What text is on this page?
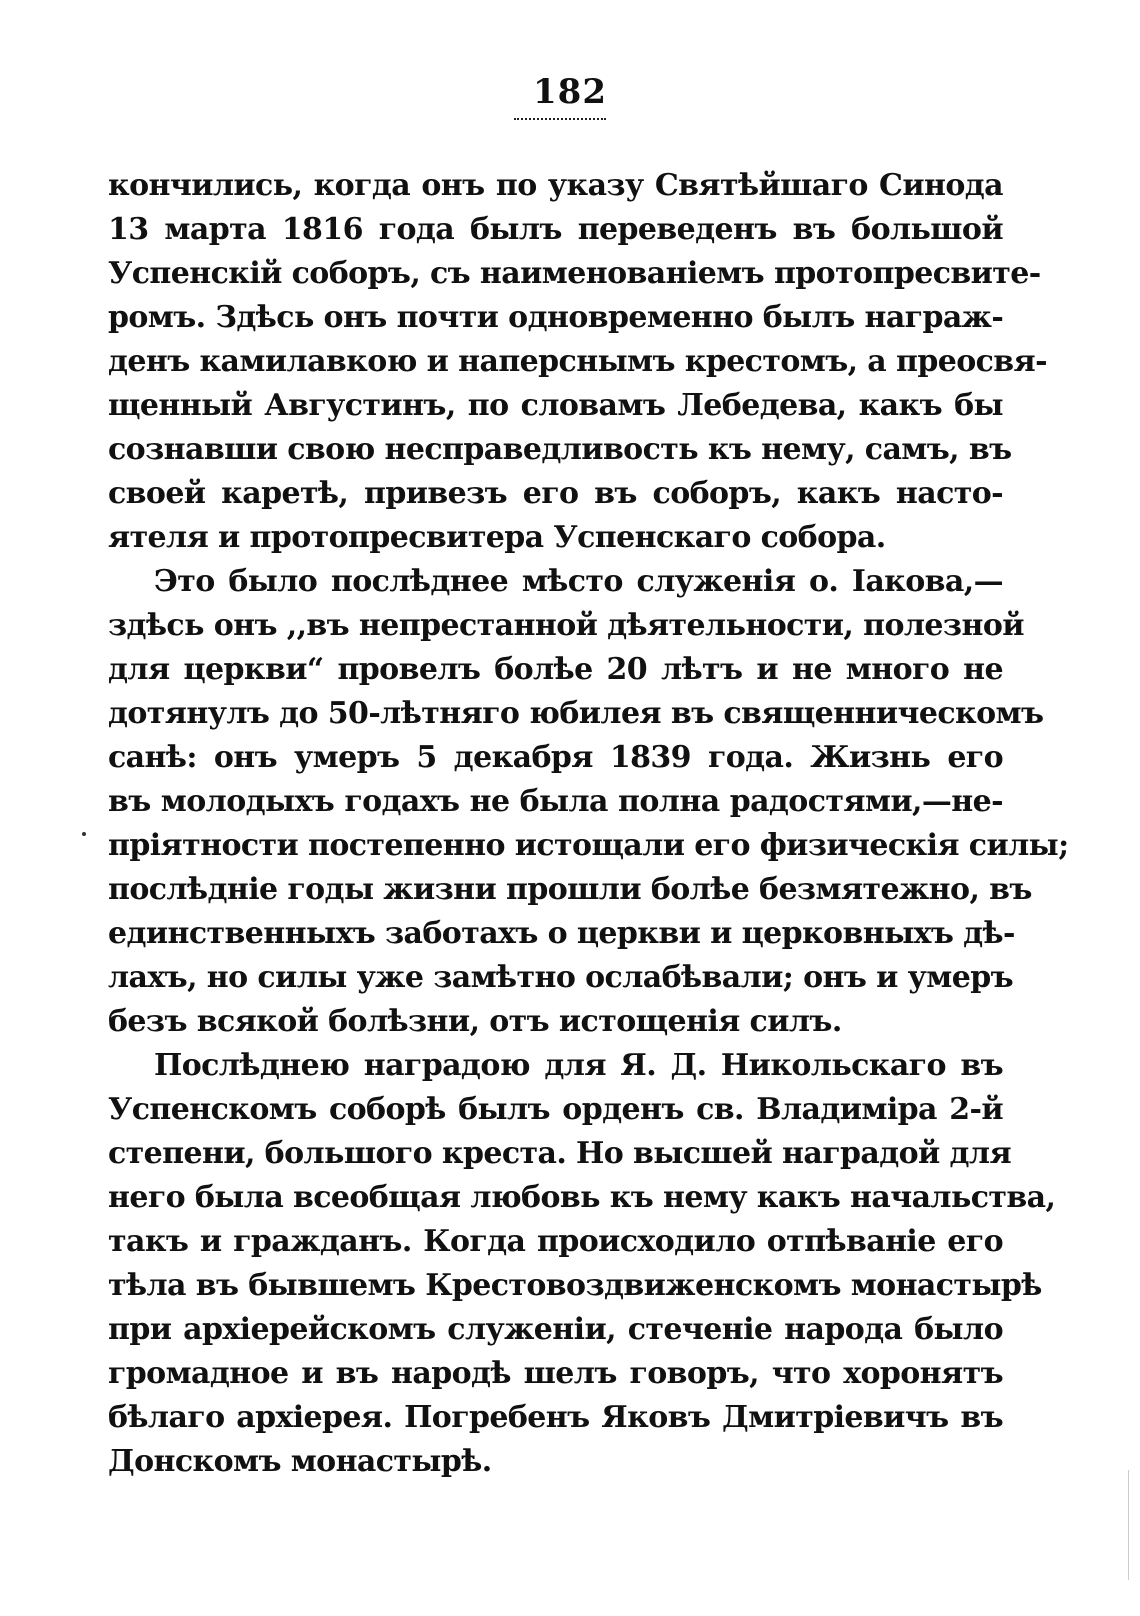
182
кончились, когда онъ по указу Святѣйшаго Синода
13 марта 1816 года былъ переведенъ въ большой
Успенскій соборъ, съ наименованіемъ протопресвите-
ромъ. Здѣсь онъ почти одновременно былъ награж-
денъ камилавкою и наперснымъ крестомъ, а преосвя-
щенный Августинъ, по словамъ Лебедева, какъ бы
сознавши свою несправедливость къ нему, самъ, въ
своей каретѣ, привезъ его въ соборъ, какъ насто-
ятеля и протопресвитера Успенскаго собора.
Это было послѣднее мѣсто служенія о. Іакова,—
здѣсь онъ ,,въ непрестанной дѣятельности, полезной
для церкви“ провелъ болѣе 20 лѣтъ и не много не
дотянулъ до 50-лѣтняго юбилея въ священническомъ
санѣ: онъ умеръ 5 декабря 1839 года. Жизнь его
въ молодыхъ годахъ не была полна радостями,—не-
пріятности постепенно истощали его физическія силы;
послѣдніе годы жизни прошли болѣе безмятежно, въ
единственныхъ заботахъ о церкви и церковныхъ дѣ-
лахъ, но силы уже замѣтно ослабѣвали; онъ и умеръ
безъ всякой болѣзни, отъ истощенія силъ.
Послѣднею наградою для Я. Д. Никольскаго въ
Успенскомъ соборѣ былъ орденъ св. Владиміра 2-й
степени, большого креста. Но высшей наградой для
него была всеобщая любовь къ нему какъ начальства,
такъ и гражданъ. Когда происходило отпѣваніе его
тѣла въ бывшемъ Крестовоздвиженскомъ монастырѣ
при архіерейскомъ служеніи, стеченіе народа было
громадное и въ народѣ шелъ говоръ, что хоронятъ
бѣлаго архіерея. Погребенъ Яковъ Дмитріевичъ въ
Донскомъ монастырѣ.
